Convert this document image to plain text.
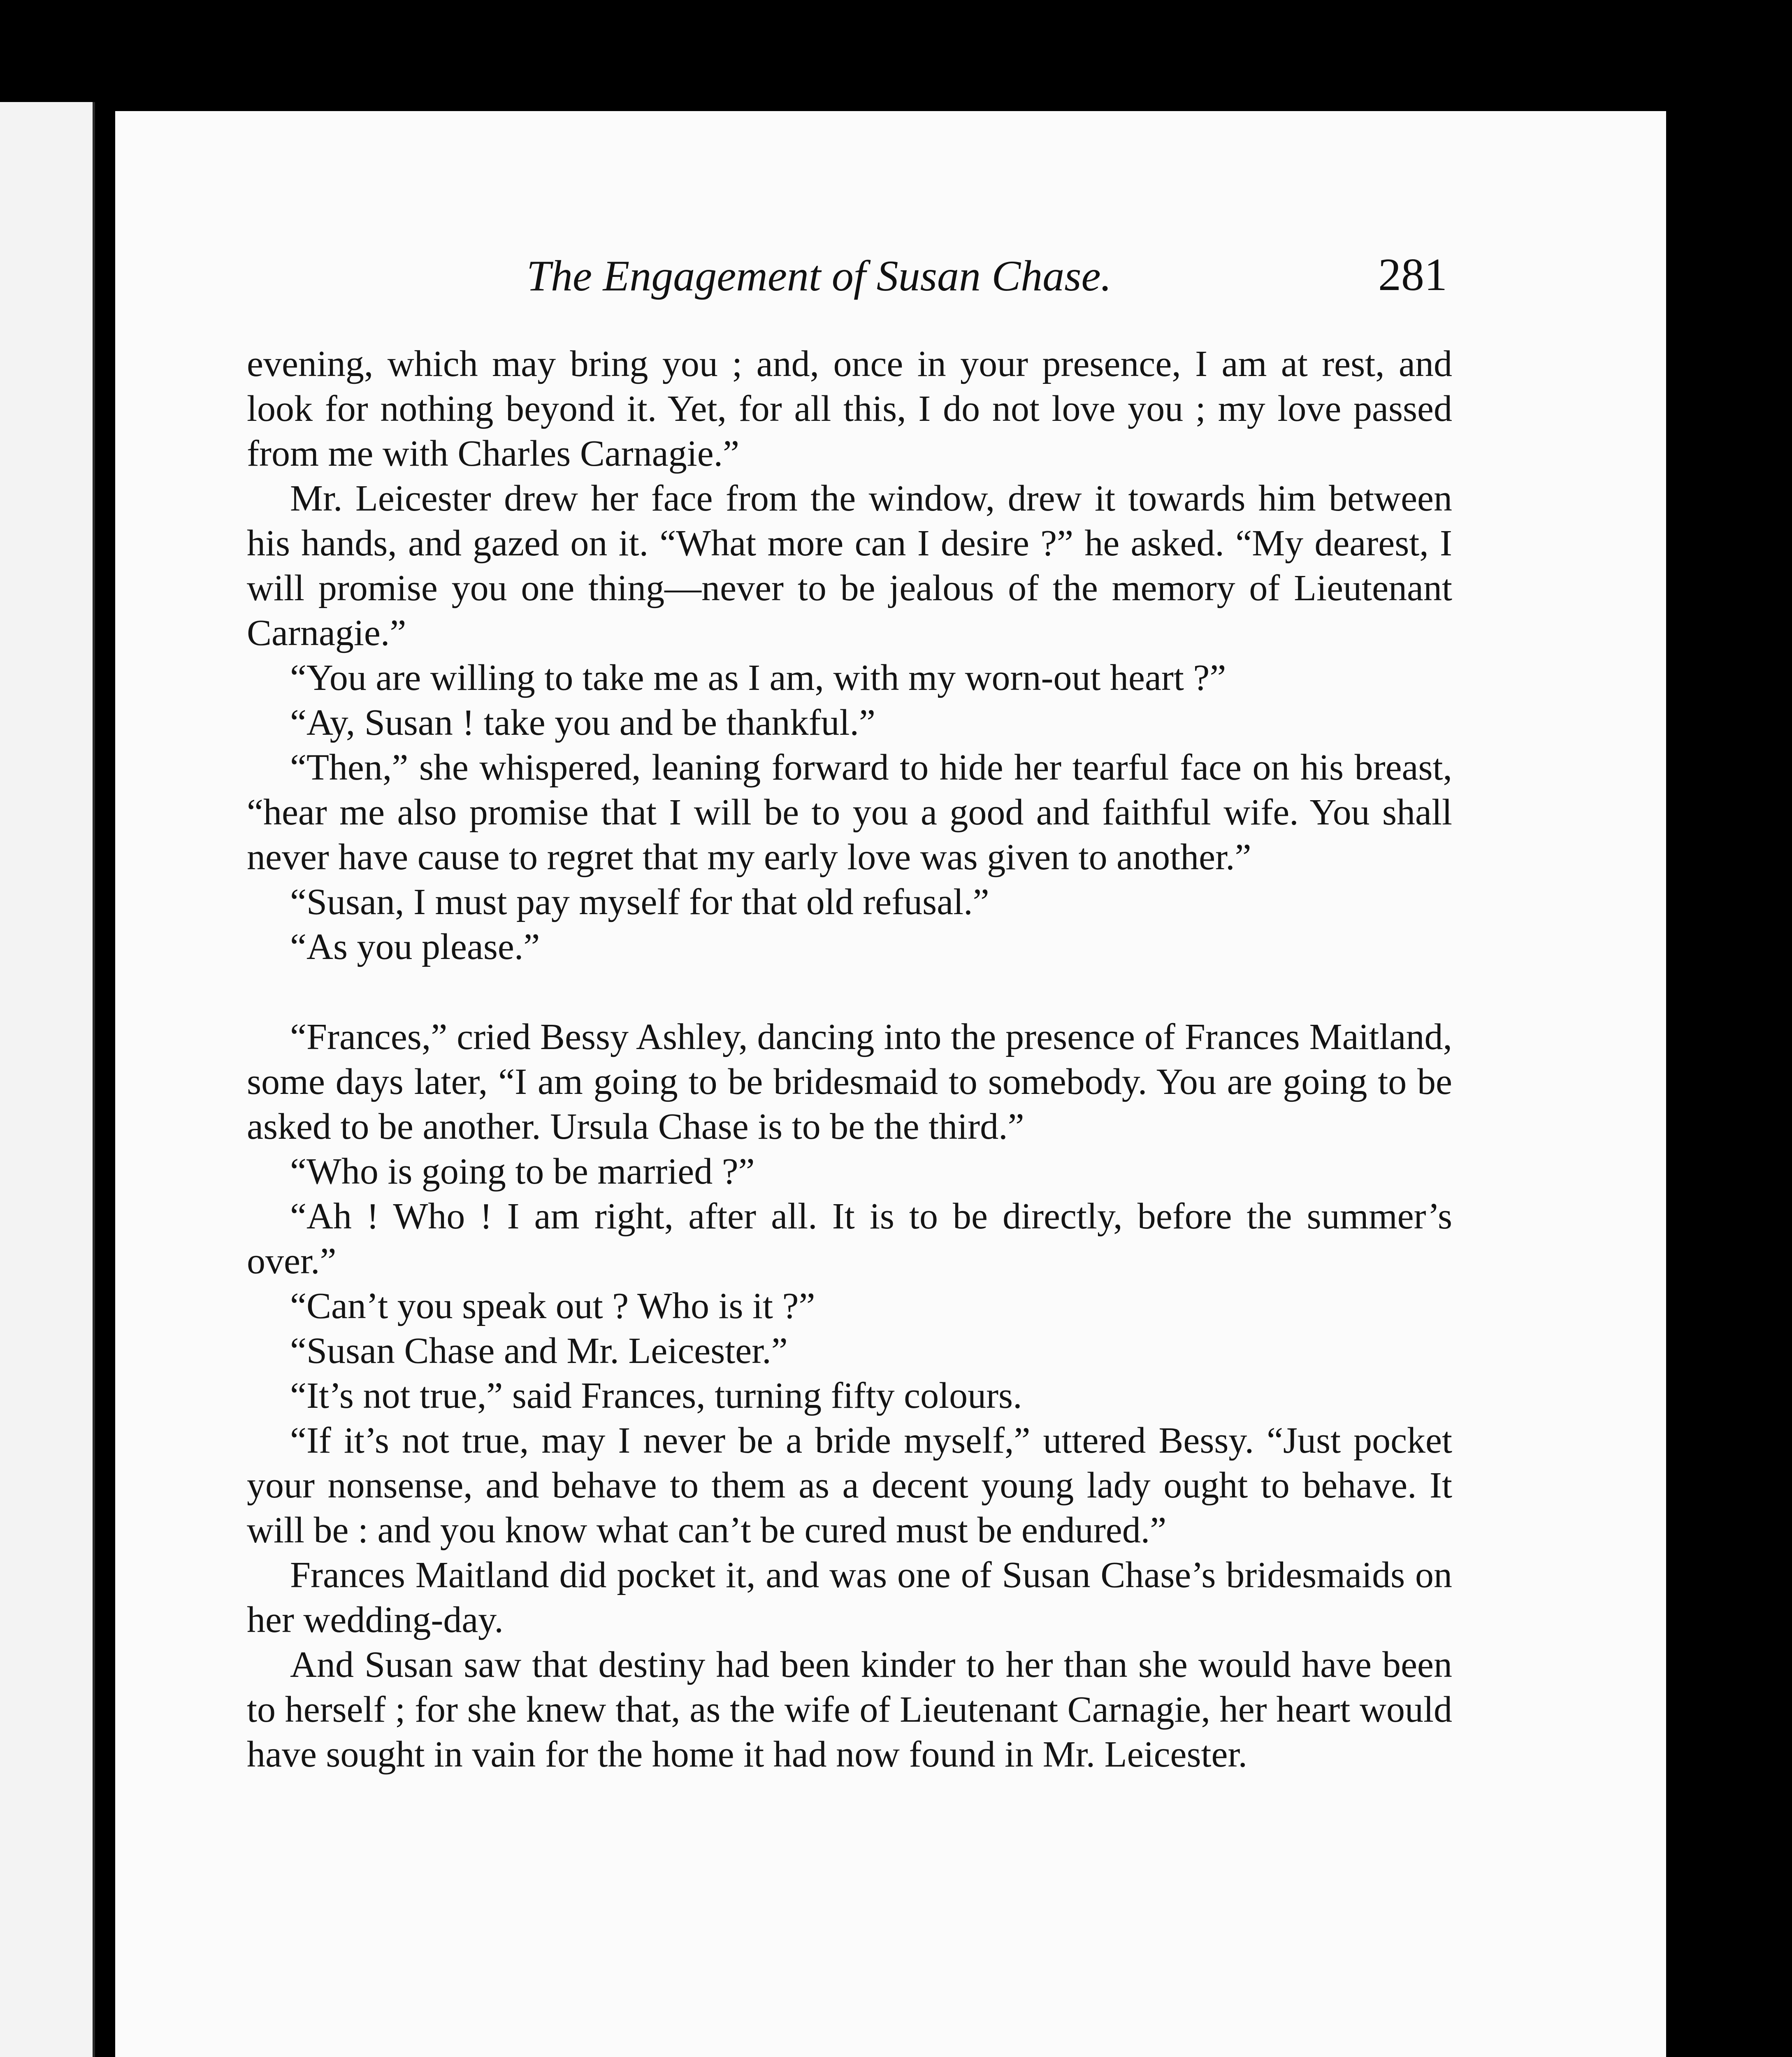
The Engagement of Susan Chase.	281

evening, which may bring you ; and, once in your presence, I am at rest, and look for nothing beyond it. Yet, for all this, I do not love you ; my love passed from me with Charles Carnagie.”

Mr. Leicester drew her face from the window, drew it towards him between his hands, and gazed on it. “What more can I desire ?” he asked. “My dearest, I will promise you one thing—never to be jealous of the memory of Lieutenant Carnagie.”

“You are willing to take me as I am, with my worn-out heart ?”

“Ay, Susan ! take you and be thankful.”

“Then,” she whispered, leaning forward to hide her tearful face on his breast, “hear me also promise that I will be to you a good and faithful wife. You shall never have cause to regret that my early love was given to another.”

“Susan, I must pay myself for that old refusal.”

“As you please.”

“Frances,” cried Bessy Ashley, dancing into the presence of Frances Maitland, some days later, “I am going to be bridesmaid to somebody. You are going to be asked to be another. Ursula Chase is to be the third.”

“Who is going to be married ?”

“Ah ! Who ! I am right, after all. It is to be directly, before the summer’s over.”

“Can’t you speak out ? Who is it ?”

“Susan Chase and Mr. Leicester.”

“It’s not true,” said Frances, turning fifty colours.

“If it’s not true, may I never be a bride myself,” uttered Bessy. “Just pocket your nonsense, and behave to them as a decent young lady ought to behave. It will be : and you know what can’t be cured must be endured.”

Frances Maitland did pocket it, and was one of Susan Chase’s bridesmaids on her wedding-day.

And Susan saw that destiny had been kinder to her than she would have been to herself ; for she knew that, as the wife of Lieutenant Carnagie, her heart would have sought in vain for the home it had now found in Mr. Leicester.
